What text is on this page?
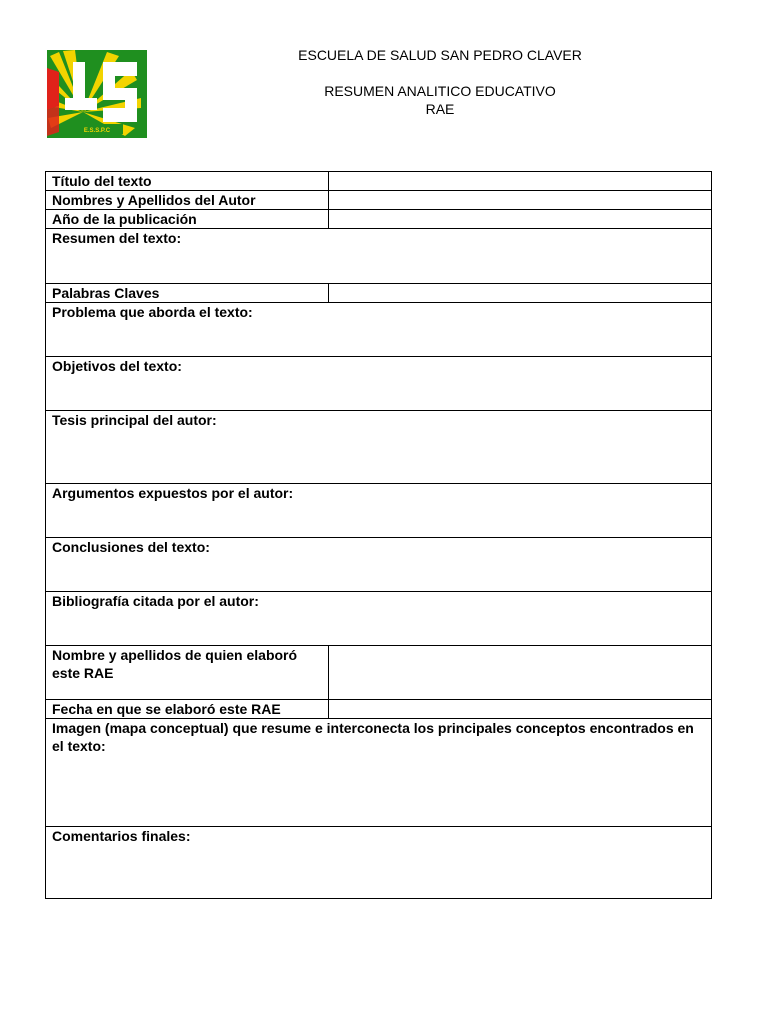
E.S.S.P.C
ESCUELA DE SALUD SAN PEDRO CLAVER
RESUMEN ANALITICO EDUCATIVO
RAE
Título del texto	
Nombres y Apellidos del Autor	
Año de la publicación	
Resumen del texto:	
Palabras Claves	
Problema que aborda el texto:	
Objetivos del texto:	
Tesis principal del autor:	
Argumentos expuestos por el autor:	
Conclusiones del texto:	
Bibliografía citada por el autor:	
Nombre y apellidos de quien elaboró este RAE	
Fecha en que se elaboró este RAE	
Imagen (mapa conceptual) que resume e interconecta los principales conceptos encontrados en el texto:	
Comentarios finales:	
